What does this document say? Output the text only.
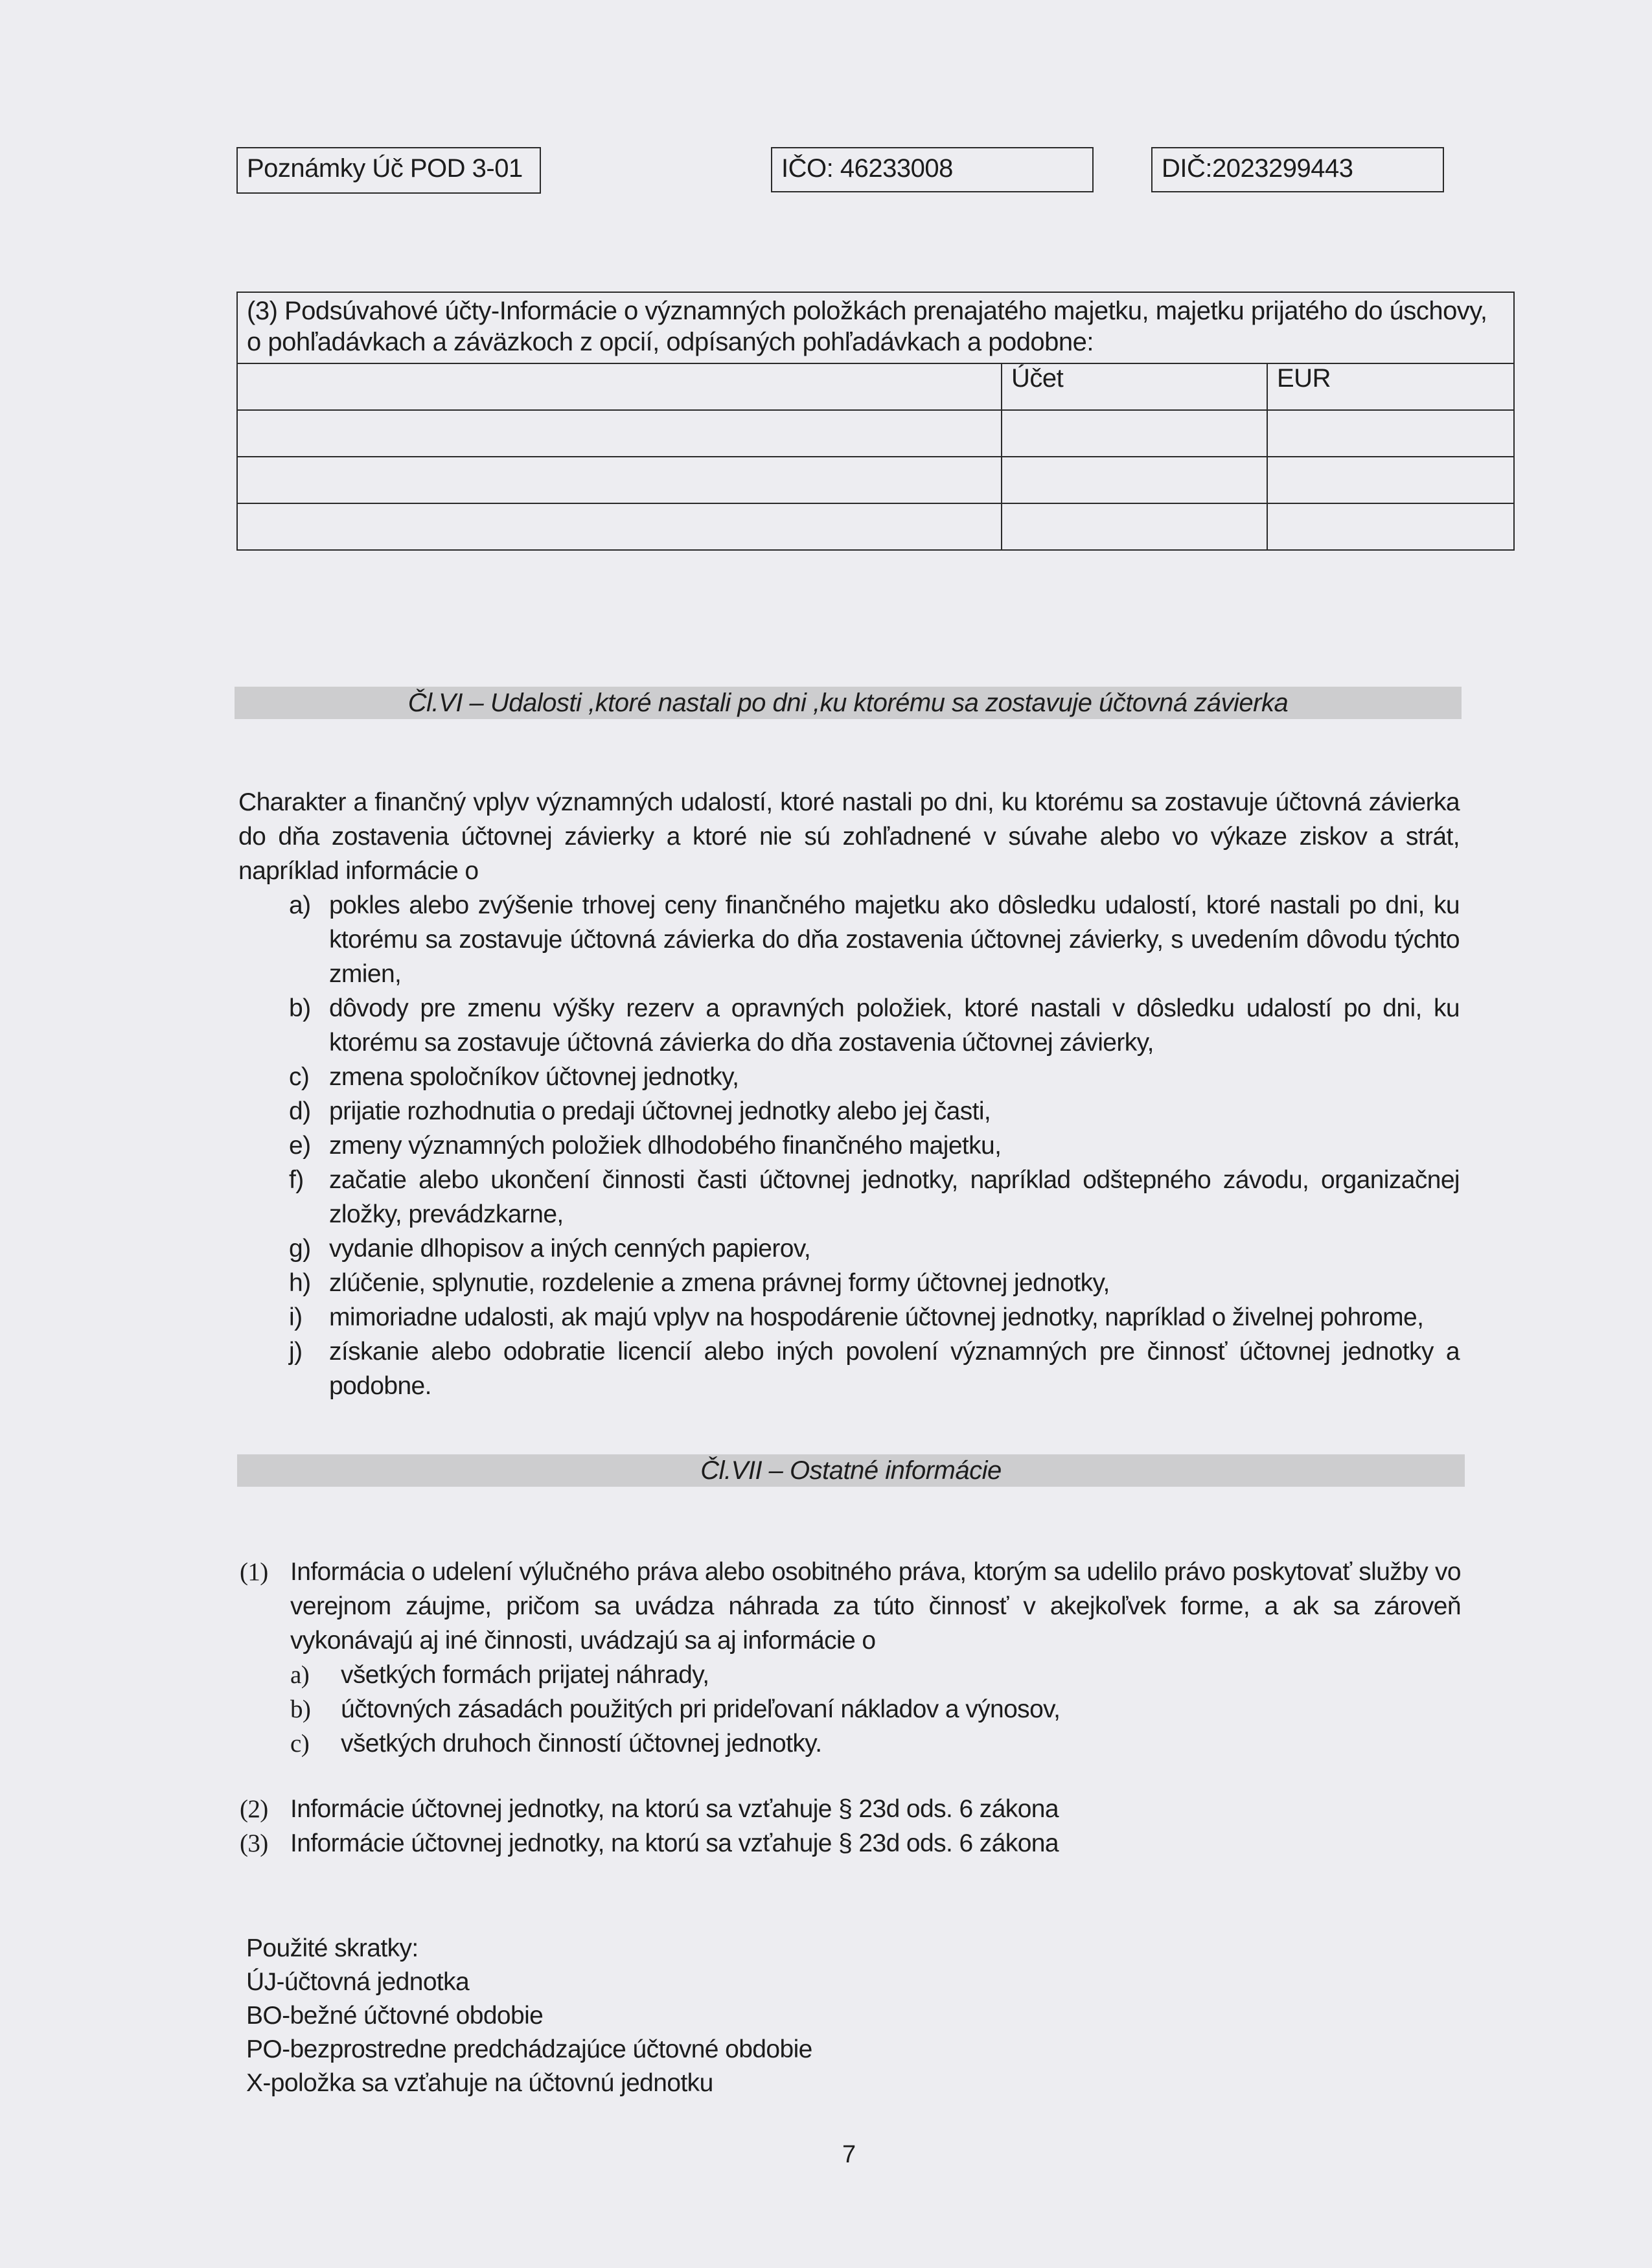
Poznámky Úč POD 3-01	IČO: 46233008	DIČ:2023299443
(3) Podsúvahové účty-Informácie o významných položkách prenajatého majetku, majetku prijatého do úschovy, o pohľadávkach a záväzkoch z opcií, odpísaných pohľadávkach a podobne:		
	Účet	EUR

Čl.VI – Udalosti ,ktoré nastali po dni ,ku ktorému sa zostavuje účtovná závierka

Charakter a finančný vplyv významných udalostí, ktoré nastali po dni, ku ktorému sa zostavuje účtovná závierka do dňa zostavenia účtovnej závierky a ktoré nie sú zohľadnené v súvahe alebo vo výkaze ziskov a strát, napríklad informácie o

a) pokles alebo zvýšenie trhovej ceny finančného majetku ako dôsledku udalostí, ktoré nastali po dni, ku ktorému sa zostavuje účtovná závierka do dňa zostavenia účtovnej závierky, s uvedením dôvodu týchto zmien,
b) dôvody pre zmenu výšky rezerv a opravných položiek, ktoré nastali v dôsledku udalostí po dni, ku ktorému sa zostavuje účtovná závierka do dňa zostavenia účtovnej závierky,
c) zmena spoločníkov účtovnej jednotky,
d) prijatie rozhodnutia o predaji účtovnej jednotky alebo jej časti,
e) zmeny významných položiek dlhodobého finančného majetku,
f) začatie alebo ukončení činnosti časti účtovnej jednotky, napríklad odštepného závodu, organizačnej zložky, prevádzkarne,
g) vydanie dlhopisov a iných cenných papierov,
h) zlúčenie, splynutie, rozdelenie a zmena právnej formy účtovnej jednotky,
i) mimoriadne udalosti, ak majú vplyv na hospodárenie účtovnej jednotky, napríklad o živelnej pohrome,
j) získanie alebo odobratie licencií alebo iných povolení významných pre činnosť účtovnej jednotky a podobne.
Čl.VII – Ostatné informácie
(1) Informácia o udelení výlučného práva alebo osobitného práva, ktorým sa udelilo právo poskytovať služby vo verejnom záujme, pričom sa uvádza náhrada za túto činnosť v akejkoľvek forme, a ak sa zároveň vykonávajú aj iné činnosti, uvádzajú sa aj informácie o
a) všetkých formách prijatej náhrady,
b) účtovných zásadách použitých pri prideľovaní nákladov a výnosov,
c) všetkých druhoch činností účtovnej jednotky.
(2) Informácie účtovnej jednotky, na ktorú sa vzťahuje § 23d ods. 6 zákona
(3) Informácie účtovnej jednotky, na ktorú sa vzťahuje § 23d ods. 6 zákona
Použité skratky:
ÚJ-účtovná jednotka
BO-bežné účtovné obdobie
PO-bezprostredne predchádzajúce účtovné obdobie
X-položka sa vzťahuje na účtovnú jednotku
7
